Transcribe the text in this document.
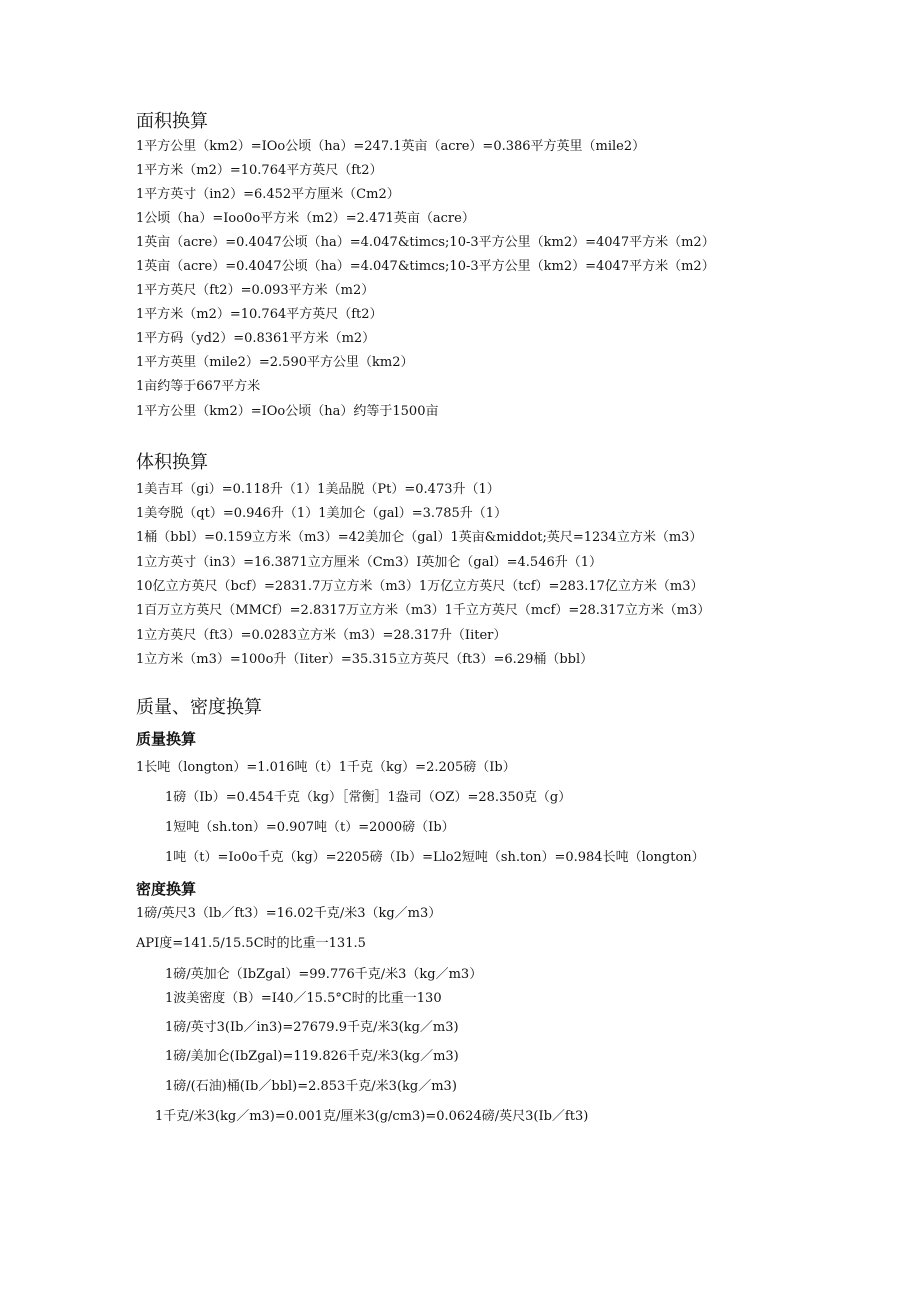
面积换算
1平方公里（km2）=IOo公顷（ha）=247.1英亩（acre）=0.386平方英里（mile2）
1平方米（m2）=10.764平方英尺（ft2）
1平方英寸（in2）=6.452平方厘米（Cm2）
1公顷（ha）=Ioo0o平方米（m2）=2.471英亩（acre）
1英亩（acre）=0.4047公顷（ha）=4.047&timcs;10-3平方公里（km2）=4047平方米（m2）
1英亩（acre）=0.4047公顷（ha）=4.047&timcs;10-3平方公里（km2）=4047平方米（m2）
1平方英尺（ft2）=0.093平方米（m2）
1平方米（m2）=10.764平方英尺（ft2）
1平方码（yd2）=0.8361平方米（m2）
1平方英里（mile2）=2.590平方公里（km2）
1亩约等于667平方米
1平方公里（km2）=IOo公顷（ha）约等于1500亩
体积换算
1美吉耳（gi）=0.118升（1）1美品脱（Pt）=0.473升（1）
1美夸脱（qt）=0.946升（1）1美加仑（gal）=3.785升（1）
1桶（bbl）=0.159立方米（m3）=42美加仑（gal）1英亩&middot;英尺=1234立方米（m3）
1立方英寸（in3）=16.3871立方厘米（Cm3）I英加仑（gal）=4.546升（1）
10亿立方英尺（bcf）=2831.7万立方米（m3）1万亿立方英尺（tcf）=283.17亿立方米（m3）
1百万立方英尺（MMCf）=2.8317万立方米（m3）1千立方英尺（mcf）=28.317立方米（m3）
1立方英尺（ft3）=0.0283立方米（m3）=28.317升（Iiter）
1立方米（m3）=100o升（Iiter）=35.315立方英尺（ft3）=6.29桶（bbl）
质量、密度换算
质量换算
1长吨（longton）=1.016吨（t）1千克（kg）=2.205磅（Ib）
1磅（Ib）=0.454千克（kg）［常衡］1盎司（OZ）=28.350克（g）
1短吨（sh.ton）=0.907吨（t）=2000磅（Ib）
1吨（t）=Io0o千克（kg）=2205磅（Ib）=Llo2短吨（sh.ton）=0.984长吨（longton）
密度换算
1磅/英尺3（lb／ft3）=16.02千克/米3（kg／m3）
API度=141.5/15.5C时的比重一131.5
1磅/英加仑（IbZgal）=99.776千克/米3（kg／m3）
1波美密度（B）=I40／15.5°C时的比重一130
1磅/英寸3(Ib／in3)=27679.9千克/米3(kg／m3)
1磅/美加仑(IbZgal)=119.826千克/米3(kg／m3)
1磅/(石油)桶(Ib／bbl)=2.853千克/米3(kg／m3)
1千克/米3(kg／m3)=0.001克/厘米3(g/cm3)=0.0624磅/英尺3(Ib／ft3)
